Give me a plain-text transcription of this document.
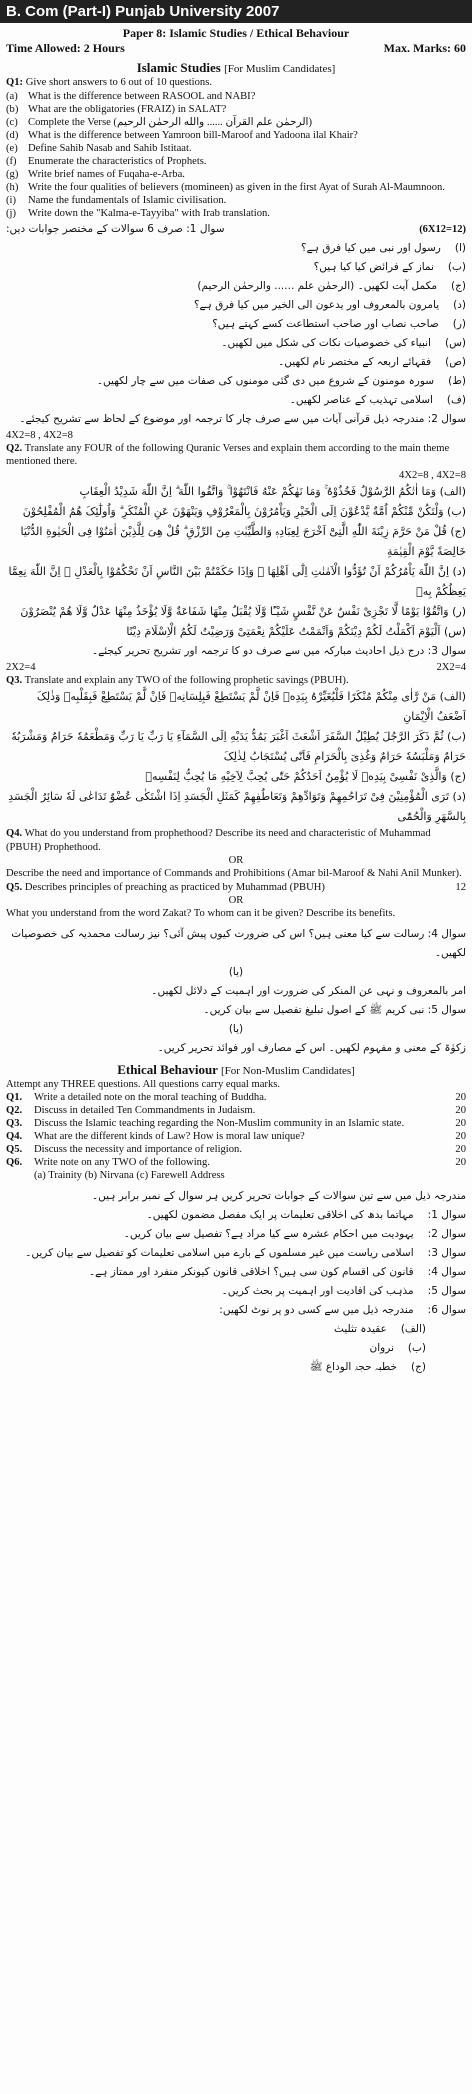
B. Com (Part-I) Punjab University 2007
Paper 8: Islamic Studies / Ethical Behaviour
Time Allowed: 2 Hours	Max. Marks: 60
Islamic Studies [For Muslim Candidates]
Q1: Give short answers to 6 out of 10 questions.
(a) What is the difference between RASOOL and NABI?
(b) What are the obligatories (FRAIZ) in SALAT?
(c) Complete the Verse (الرحمٰن علم القرآن ...... والله الرحمٰن الرحیم)
(d) What is the difference between Yamroon bill-Maroof and Yadoona ilal Khair?
(e) Define Sahib Nasab and Sahib Istitaat.
(f)	Enumerate the characteristics of Prophets.
(g) Write brief names of Fuqaha-e-Arba.
(h) Write the four qualities of believers (momineen) as given in the first Ayat of Surah Al-Maumnoon.
(i)	Name the fundamentals of Islamic civilisation.
(j)	Write down the "Kalma-e-Tayyiba" with Irab translation.
سوال 1: صرف 6 سوالات کے مختصر جوابات دیں:	(6X12=12)
(ا)رسول اور نبی میں کیا فرق ہے؟
(ب)نماز کے فرائض کیا کیا ہیں؟
(ج)مکمل آیت لکھیں۔ (الرحمٰن علم ...... والرحمٰن الرحیم)
(د)یامرون بالمعروف اور یدعون الی الخیر میں کیا فرق ہے؟
(ر)صاحب نصاب اور صاحب استطاعت کسے کہتے ہیں؟
(س)انبیاء کی خصوصیات نکات کی شکل میں لکھیں۔
(ص)فقہائے اربعہ کے مختصر نام لکھیں۔
(ط)سورہ مومنون کے شروع میں دی گئی مومنوں کی صفات میں سے چار لکھیں۔
(ف)اسلامی تہذیب کے عناصر لکھیں۔
سوال 2: مندرجہ ذیل قرآنی آیات میں سے صرف چار کا ترجمہ اور موضوع کے لحاظ سے تشریح کیجئے۔
4X2=8 , 4X2=8
Q2. Translate any FOUR of the following Quranic Verses and explain them according to the main theme mentioned there.
4X2=8 , 4X2=8
(الف) وَمَا اٰتٰکُمُ الرَّسُوْلُ فَخُذُوْهُ ۚ وَمَا نَهٰکُمْ عَنْهُ فَانْتَهُوْا ۚ وَاتَّقُوا اللّٰهَ ۗ اِنَّ اللّٰهَ شَدِیْدُ الْعِقَابِ
(ب) وَلْتَکُنْ مِّنْکُمْ اُمَّةٌ یَّدْعُوْنَ اِلَی الْخَیْرِ وَیَاْمُرُوْنَ بِالْمَعْرُوْفِ وَیَنْهَوْنَ عَنِ الْمُنْکَرِ ۗ وَاُولٰٓئِکَ هُمُ الْمُفْلِحُوْنَ
(ج) قُلْ مَنْ حَرَّمَ زِیْنَةَ اللّٰهِ الَّتِیْٓ اَخْرَجَ لِعِبَادِهٖ وَالطَّیِّبٰتِ مِنَ الرِّزْقِ ۗ قُلْ هِیَ لِلَّذِیْنَ اٰمَنُوْا فِی الْحَیٰوةِ الدُّنْیَا خَالِصَةً یَّوْمَ الْقِیٰمَةِ
(د) اِنَّ اللّٰهَ یَاْمُرُکُمْ اَنْ تُؤَدُّوا الْاَمٰنٰتِ اِلٰٓی اَهْلِهَا ۙ وَاِذَا حَکَمْتُمْ بَیْنَ النَّاسِ اَنْ تَحْکُمُوْا بِالْعَدْلِ ۗ اِنَّ اللّٰهَ نِعِمَّا یَعِظُکُمْ بِهٖ
(ر) وَاتَّقُوْا یَوْمًا لَّا تَجْزِیْ نَفْسٌ عَنْ نَّفْسٍ شَیْـًٔا وَّلَا یُقْبَلُ مِنْهَا شَفَاعَةٌ وَّلَا یُؤْخَذُ مِنْهَا عَدْلٌ وَّلَا هُمْ یُنْصَرُوْنَ
(س) اَلْیَوْمَ اَکْمَلْتُ لَکُمْ دِیْنَکُمْ وَاَتْمَمْتُ عَلَیْکُمْ نِعْمَتِیْ وَرَضِیْتُ لَکُمُ الْاِسْلَامَ دِیْنًا
سوال 3: درج ذیل احادیث مبارکہ میں سے صرف دو کا ترجمہ اور تشریح تحریر کیجئے۔
2X2=4	2X2=4
Q3. Translate and explain any TWO of the following prophetic savings (PBUH).
(الف) مَنْ رَّاٰی مِنْکُمْ مُنْکَرًا فَلْیُغَیِّرْهُ بِیَدِهٖ فَاِنْ لَّمْ یَسْتَطِعْ فَبِلِسَانِهٖ فَاِنْ لَّمْ یَسْتَطِعْ فَبِقَلْبِهٖ وَذٰلِکَ اَضْعَفُ الْاِیْمَانِ
(ب) ثُمَّ ذَکَرَ الرَّجُلَ یُطِیْلُ السَّفَرَ اَشْعَثَ اَغْبَرَ یَمُدُّ یَدَیْهِ اِلَی السَّمَآءِ یَا رَبِّ یَا رَبِّ وَمَطْعَمُهٗ حَرَامٌ وَمَشْرَبُهٗ حَرَامٌ وَمَلْبَسُهٗ حَرَامٌ وَغُذِیَ بِالْحَرَامِ فَاَنّٰی یُسْتَجَابُ لِذٰلِکَ
(ج) وَالَّذِیْ نَفْسِیْ بِیَدِهٖ لَا یُؤْمِنُ اَحَدُکُمْ حَتّٰی یُحِبَّ لِاَخِیْهِ مَا یُحِبُّ لِنَفْسِهٖ
(د) تَرَی الْمُؤْمِنِیْنَ فِیْ تَرَاحُمِهِمْ وَتَوَادِّهِمْ وَتَعَاطُفِهِمْ کَمَثَلِ الْجَسَدِ اِذَا اشْتَکٰی عُضْوٌ تَدَاعٰی لَهٗ سَائِرُ الْجَسَدِ بِالسَّهَرِ وَالْحُمّٰی
Q4. What do you understand from prophethood? Describe its need and characteristic of Muhammad (PBUH) Prophethood.
OR
Describe the need and importance of Commands and Prohibitions (Amar bil-Maroof & Nahi Anil Munker).
Q5. Describes principles of preaching as practiced by Muhammad (PBUH)	12
OR
What you understand from the word Zakat? To whom can it be given? Describe its benefits.
سوال 4: رسالت سے کیا معنی ہیں؟ اس کی ضرورت کیوں پیش آئی؟ نیز رسالت محمدیہ کی خصوصیات لکھیں۔
(یا)
امر بالمعروف و نہی عن المنکر کی ضرورت اور اہمیت کے دلائل لکھیں۔
سوال 5: نبی کریم ﷺ کے اصول تبلیغ تفصیل سے بیان کریں۔
(یا)
زکوٰۃ کے معنی و مفہوم لکھیں۔ اس کے مصارف اور فوائد تحریر کریں۔
Ethical Behaviour [For Non-Muslim Candidates]
Attempt any THREE questions. All questions carry equal marks.
Q1.	Write a detailed note on the moral teaching of Buddha.	20
Q2.	Discuss in detailed Ten Commandments in Judaism.	20
Q3.	Discuss the Islamic teaching regarding the Non-Muslim community in an Islamic state.	20
Q4.	What are the different kinds of Law? How is moral law unique?	20
Q5.	Discuss the necessity and importance of religion.	20
Q6.	Write note on any TWO of the following.	20
(a) Trainity (b) Nirvana (c) Farewell Address
مندرجہ ذیل میں سے تین سوالات کے جوابات تحریر کریں ہر سوال کے نمبر برابر ہیں۔
سوال 1:مہاتما بدھ کی اخلاقی تعلیمات پر ایک مفصل مضمون لکھیں۔
سوال 2:یہودیت میں احکام عشرہ سے کیا مراد ہے؟ تفصیل سے بیان کریں۔
سوال 3:اسلامی ریاست میں غیر مسلموں کے بارے میں اسلامی تعلیمات کو تفصیل سے بیان کریں۔
سوال 4:قانون کی اقسام کون سی ہیں؟ اخلاقی قانون کیونکر منفرد اور ممتاز ہے۔
سوال 5:مذہب کی افادیت اور اہمیت پر بحث کریں۔
سوال 6:مندرجہ ذیل میں سے کسی دو پر نوٹ لکھیں:
(الف)عقیدہ تثلیث
(ب)نروان
(ج)خطبہ حجۃ الوداع ﷺ
